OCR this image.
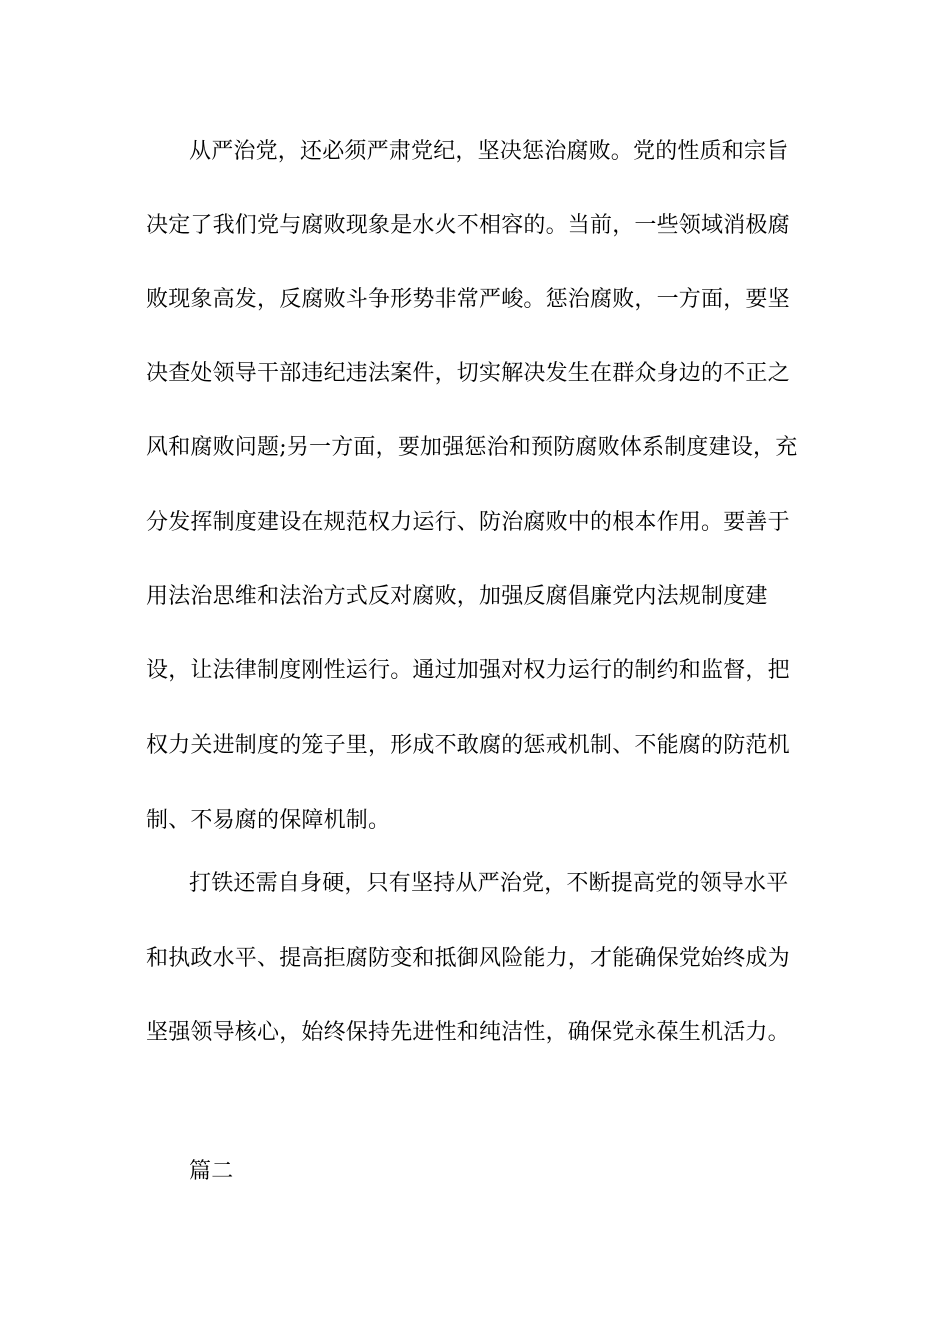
从严治党，还必须严肃党纪，坚决惩治腐败。党的性质和宗旨
决定了我们党与腐败现象是水火不相容的。当前，一些领域消极腐
败现象高发，反腐败斗争形势非常严峻。惩治腐败，一方面，要坚
决查处领导干部违纪违法案件，切实解决发生在群众身边的不正之
风和腐败问题;另一方面，要加强惩治和预防腐败体系制度建设，充
分发挥制度建设在规范权力运行、防治腐败中的根本作用。要善于
用法治思维和法治方式反对腐败，加强反腐倡廉党内法规制度建
设，让法律制度刚性运行。通过加强对权力运行的制约和监督，把
权力关进制度的笼子里，形成不敢腐的惩戒机制、不能腐的防范机
制、不易腐的保障机制。
打铁还需自身硬，只有坚持从严治党，不断提高党的领导水平
和执政水平、提高拒腐防变和抵御风险能力，才能确保党始终成为
坚强领导核心，始终保持先进性和纯洁性，确保党永葆生机活力。
篇二
